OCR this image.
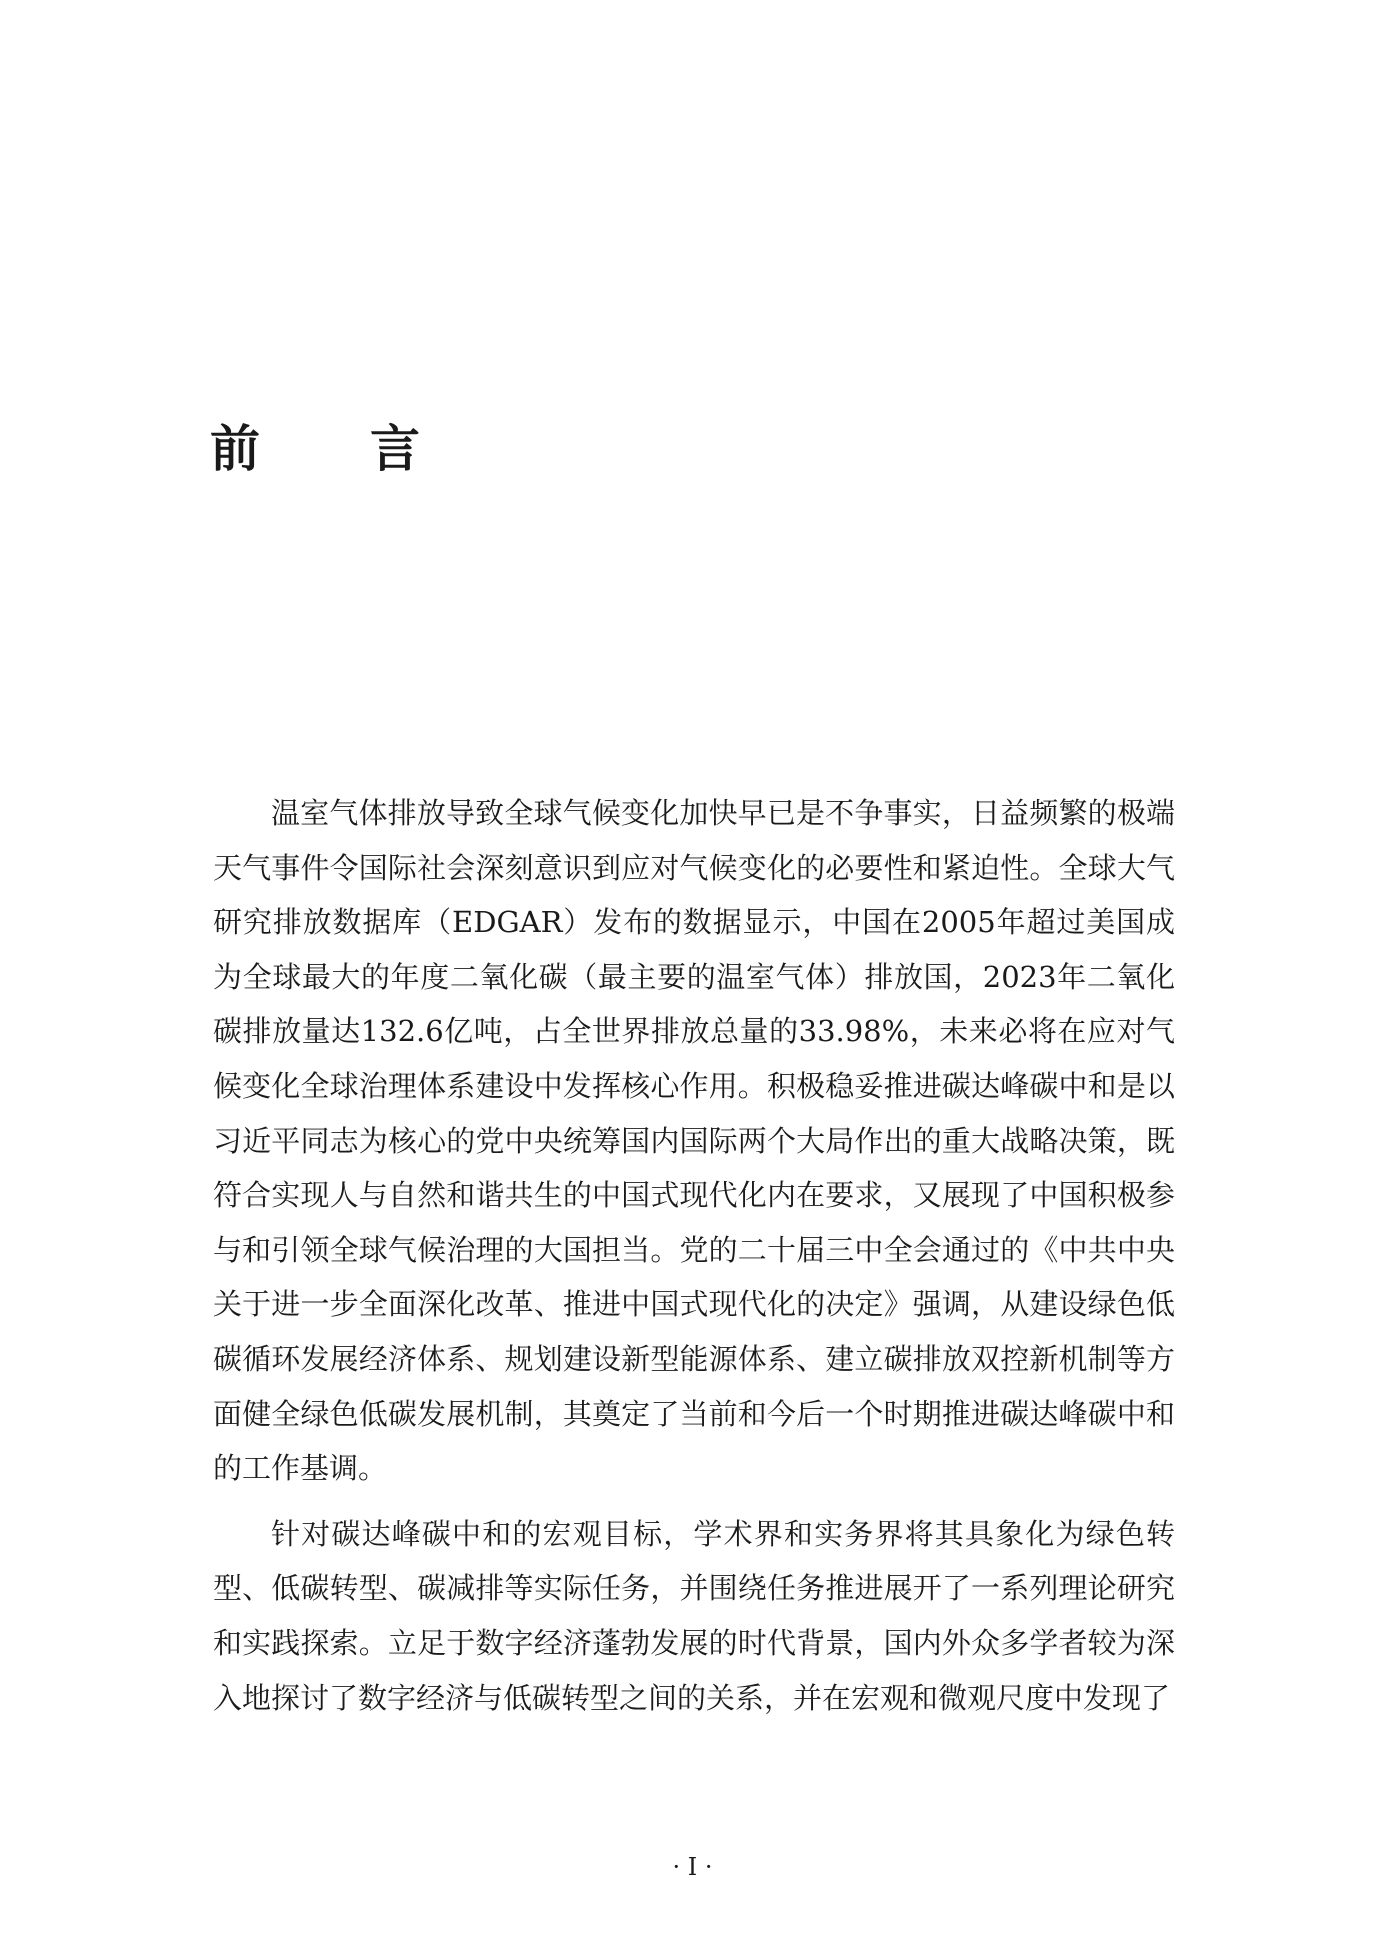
前言

温室气体排放导致全球气候变化加快早已是不争事实，日益频繁的极端天气事件令国际社会深刻意识到应对气候变化的必要性和紧迫性。全球大气研究排放数据库（EDGAR）发布的数据显示，中国在2005年超过美国成为全球最大的年度二氧化碳（最主要的温室气体）排放国，2023年二氧化碳排放量达132.6亿吨，占全世界排放总量的33.98%，未来必将在应对气候变化全球治理体系建设中发挥核心作用。积极稳妥推进碳达峰碳中和是以习近平同志为核心的党中央统筹国内国际两个大局作出的重大战略决策，既符合实现人与自然和谐共生的中国式现代化内在要求，又展现了中国积极参与和引领全球气候治理的大国担当。党的二十届三中全会通过的《中共中央关于进一步全面深化改革、推进中国式现代化的决定》强调，从建设绿色低碳循环发展经济体系、规划建设新型能源体系、建立碳排放双控新机制等方面健全绿色低碳发展机制，其奠定了当前和今后一个时期推进碳达峰碳中和的工作基调。

针对碳达峰碳中和的宏观目标，学术界和实务界将其具象化为绿色转型、低碳转型、碳减排等实际任务，并围绕任务推进展开了一系列理论研究和实践探索。立足于数字经济蓬勃发展的时代背景，国内外众多学者较为深入地探讨了数字经济与低碳转型之间的关系，并在宏观和微观尺度中发现了

· I ·
